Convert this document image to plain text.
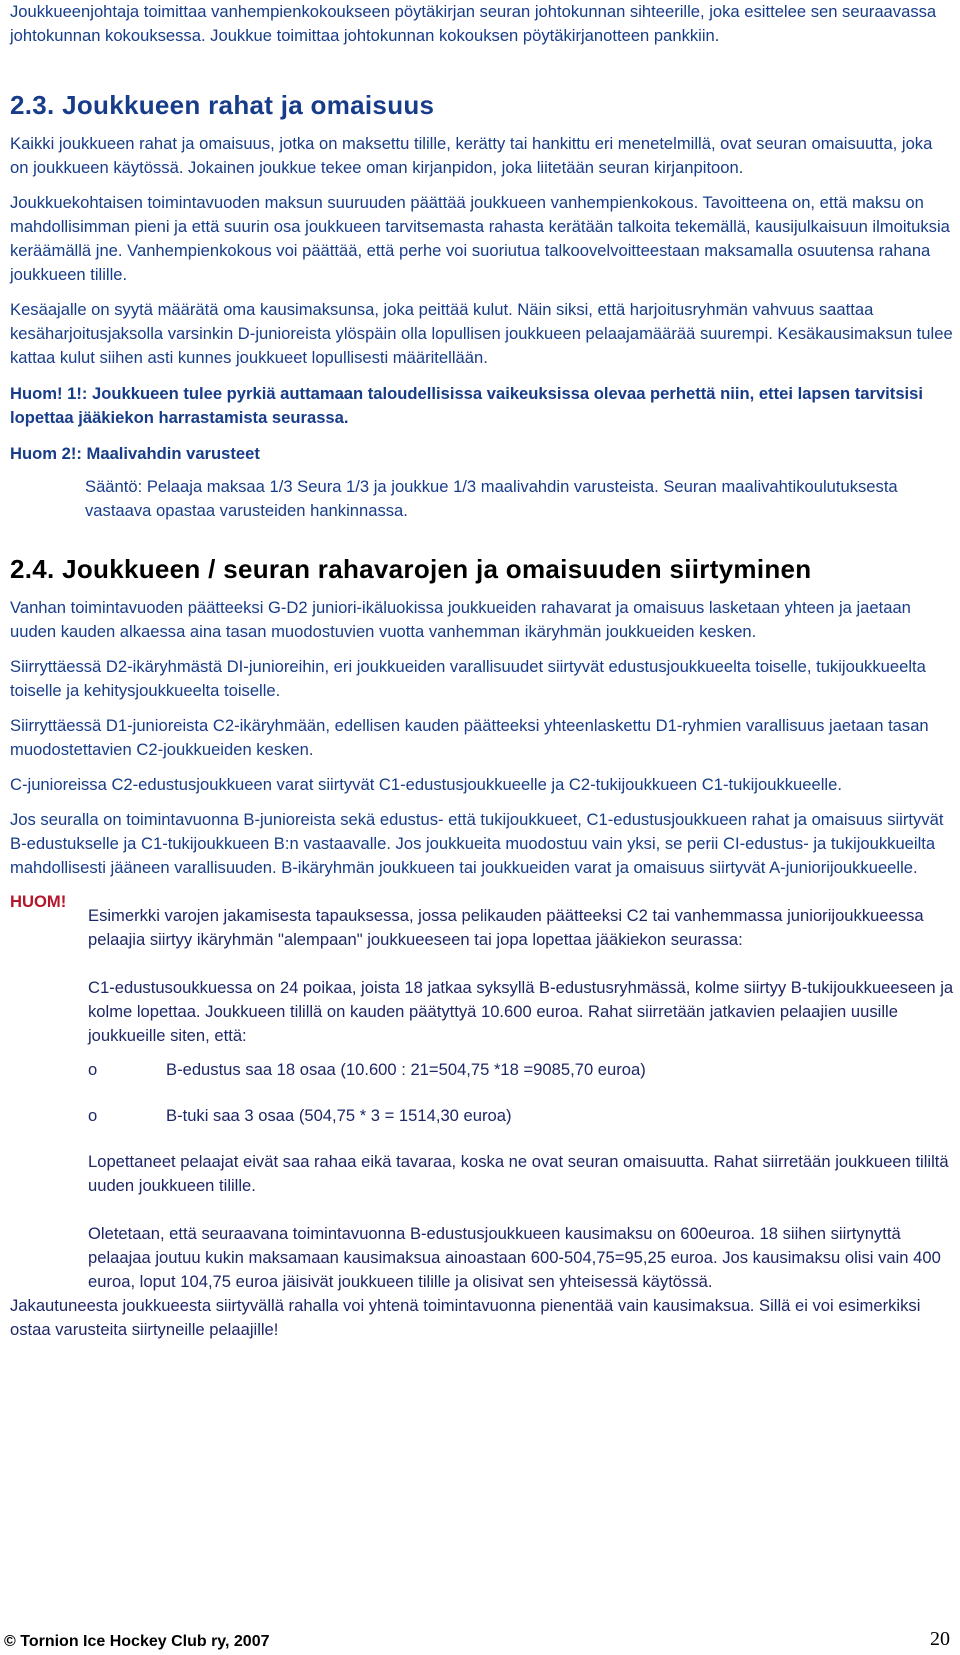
Joukkueenjohtaja toimittaa vanhempienkokoukseen pöytäkirjan seuran johtokunnan sihteerille, joka esittelee sen seuraavassa johtokunnan kokouksessa. Joukkue toimittaa johtokunnan kokouksen pöytäkirjanotteen pankkiin.

2.3. Joukkueen rahat ja omaisuus

Kaikki joukkueen rahat ja omaisuus, jotka on maksettu tilille, kerätty tai hankittu eri menetelmillä, ovat seuran omaisuutta, joka on joukkueen käytössä. Jokainen joukkue tekee oman kirjanpidon, joka liitetään seuran kirjanpitoon.

Joukkuekohtaisen toimintavuoden maksun suuruuden päättää joukkueen vanhempienkokous. Tavoitteena on, että maksu on mahdollisimman pieni ja että suurin osa joukkueen tarvitsemasta rahasta kerätään talkoita tekemällä, kausijulkaisuun ilmoituksia keräämällä jne. Vanhempienkokous voi päättää, että perhe voi suoriutua talkoovelvoitteestaan maksamalla osuutensa rahana joukkueen tilille.

Kesäajalle on syytä määrätä oma kausimaksunsa, joka peittää kulut. Näin siksi, että harjoitusryhmän vahvuus saattaa kesäharjoitusjaksolla varsinkin D-junioreista ylöspäin olla lopullisen joukkueen pelaajamäärää suurempi. Kesäkausimaksun tulee kattaa kulut siihen asti kunnes joukkueet lopullisesti määritellään.

Huom! 1!: Joukkueen tulee pyrkiä auttamaan taloudellisissa vaikeuksissa olevaa perhettä niin, ettei lapsen tarvitsisi lopettaa jääkiekon harrastamista seurassa.

Huom 2!: Maalivahdin varusteet

Sääntö: Pelaaja maksaa 1/3 Seura 1/3 ja joukkue 1/3 maalivahdin varusteista. Seuran maalivahtikoulutuksesta vastaava opastaa varusteiden hankinnassa.

2.4. Joukkueen / seuran rahavarojen ja omaisuuden siirtyminen

Vanhan toimintavuoden päätteeksi G-D2 juniori-ikäluokissa joukkueiden rahavarat ja omaisuus lasketaan yhteen ja jaetaan uuden kauden alkaessa aina tasan muodostuvien vuotta vanhemman ikäryhmän joukkueiden kesken.

Siirryttäessä D2-ikäryhmästä DI-junioreihin, eri joukkueiden varallisuudet siirtyvät edustusjoukkueelta toiselle, tukijoukkueelta toiselle ja kehitysjoukkueelta toiselle.

Siirryttäessä D1-junioreista C2-ikäryhmään, edellisen kauden päätteeksi yhteenlaskettu D1-ryhmien varallisuus jaetaan tasan muodostettavien C2-joukkueiden kesken.

C-junioreissa C2-edustusjoukkueen varat siirtyvät C1-edustusjoukkueelle ja C2-tukijoukkueen C1-tukijoukkueelle.

Jos seuralla on toimintavuonna B-junioreista sekä edustus- että tukijoukkueet, C1-edustusjoukkueen rahat ja omaisuus siirtyvät B-edustukselle ja C1-tukijoukkueen B:n vastaavalle. Jos joukkueita muodostuu vain yksi, se perii CI-edustus- ja tukijoukkueilta mahdollisesti jääneen varallisuuden. B-ikäryhmän joukkueen tai joukkueiden varat ja omaisuus siirtyvät A-juniorijoukkueelle.

HUOM!

Esimerkki varojen jakamisesta tapauksessa, jossa pelikauden päätteeksi C2 tai vanhemmassa juniorijoukkueessa pelaajia siirtyy ikäryhmän "alempaan" joukkueeseen tai jopa lopettaa jääkiekon seurassa:

C1-edustusoukkuessa on 24 poikaa, joista 18 jatkaa syksyllä B-edustusryhmässä, kolme siirtyy B-tukijoukkueeseen ja kolme lopettaa. Joukkueen tilillä on kauden päätyttyä 10.600 euroa. Rahat siirretään jatkavien pelaajien uusille joukkueille siten, että:

o	B-edustus saa 18 osaa (10.600 : 21=504,75 *18 =9085,70 euroa)
o	B-tuki saa 3 osaa (504,75 * 3 = 1514,30 euroa)

Lopettaneet pelaajat eivät saa rahaa eikä tavaraa, koska ne ovat seuran omaisuutta. Rahat siirretään joukkueen tililtä uuden joukkueen tilille.

Oletetaan, että seuraavana toimintavuonna B-edustusjoukkueen kausimaksu on 600euroa. 18 siihen siirtynyttä pelaajaa joutuu kukin maksamaan kausimaksua ainoastaan 600-504,75=95,25 euroa. Jos kausimaksu olisi vain 400 euroa, loput 104,75 euroa jäisivät joukkueen tilille ja olisivat sen yhteisessä käytössä.

Jakautuneesta joukkueesta siirtyvällä rahalla voi yhtenä toimintavuonna pienentää vain kausimaksua. Sillä ei voi esimerkiksi ostaa varusteita siirtyneille pelaajille!

© Tornion Ice Hockey Club ry, 2007	20
